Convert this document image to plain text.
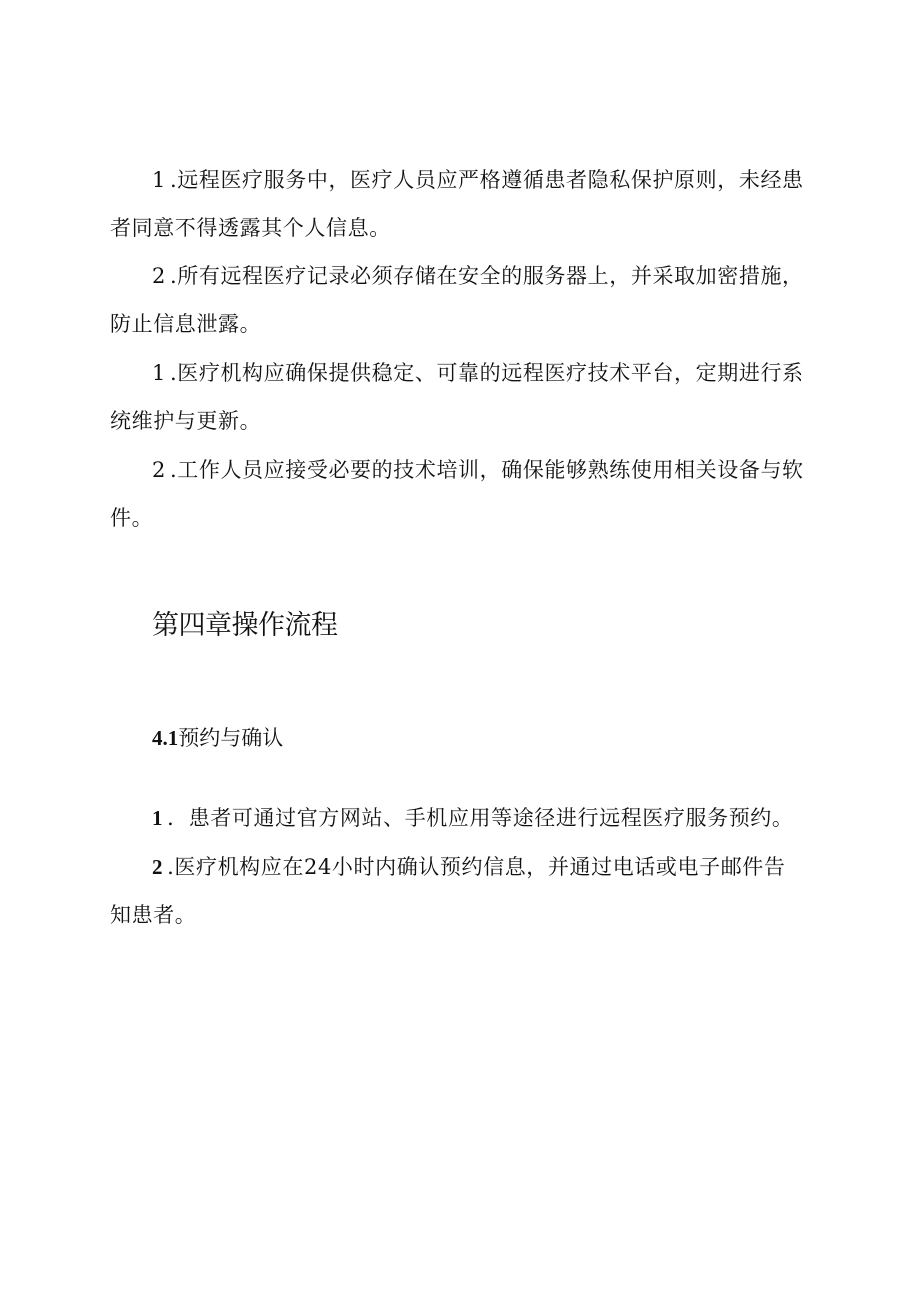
1 .远程医疗服务中，医疗人员应严格遵循患者隐私保护原则，未经患者同意不得透露其个人信息。

2 .所有远程医疗记录必须存储在安全的服务器上，并采取加密措施，防止信息泄露。

1 .医疗机构应确保提供稳定、可靠的远程医疗技术平台，定期进行系统维护与更新。

2 .工作人员应接受必要的技术培训，确保能够熟练使用相关设备与软件。

第四章操作流程
4.1预约与确认

1 ．患者可通过官方网站、手机应用等途径进行远程医疗服务预约。

2 .医疗机构应在24小时内确认预约信息，并通过电话或电子邮件告知患者。
